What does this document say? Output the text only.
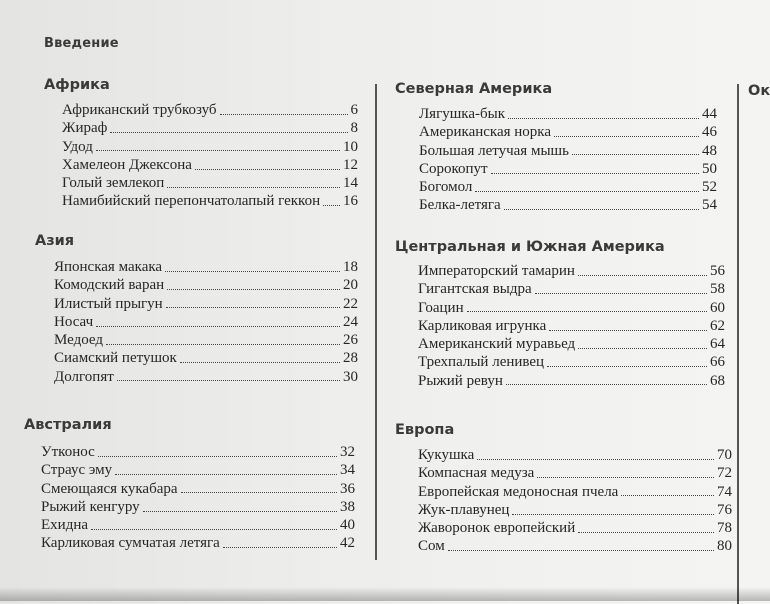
Введение
Африка
Африканский трубкозуб	6
Жираф	8
Удод	10
Хамелеон Джексона	12
Голый землекоп	14
Намибийский перепончатолапый геккон 16
Азия
Японская макака	18
Комодский варан	20
Илистый прыгун	22
Носач	24
Медоед	26
Сиамский петушок	28
Долгопят	30
Австралия
Утконос	32
Страус эму	34
Смеющаяся кукабара	36
Рыжий кенгуру	38
Ехидна	40
Карликовая сумчатая летяга	42
Северная Америка
Лягушка-бык	44
Американская норка	46
Большая летучая мышь	48
Сорокопут	50
Богомол	52
Белка-летяга	54
Центральная и Южная Америка
Императорский тамарин	56
Гигантская выдра	58
Гоацин	60
Карликовая игрунка	62
Американский муравьед	64
Трехпалый ленивец	66
Рыжий ревун	68
Европа
Кукушка	70
Компасная медуза	72
Европейская медоносная пчела	74
Жук-плавунец	76
Жаворонок европейский	78
Сом	80
Ок
